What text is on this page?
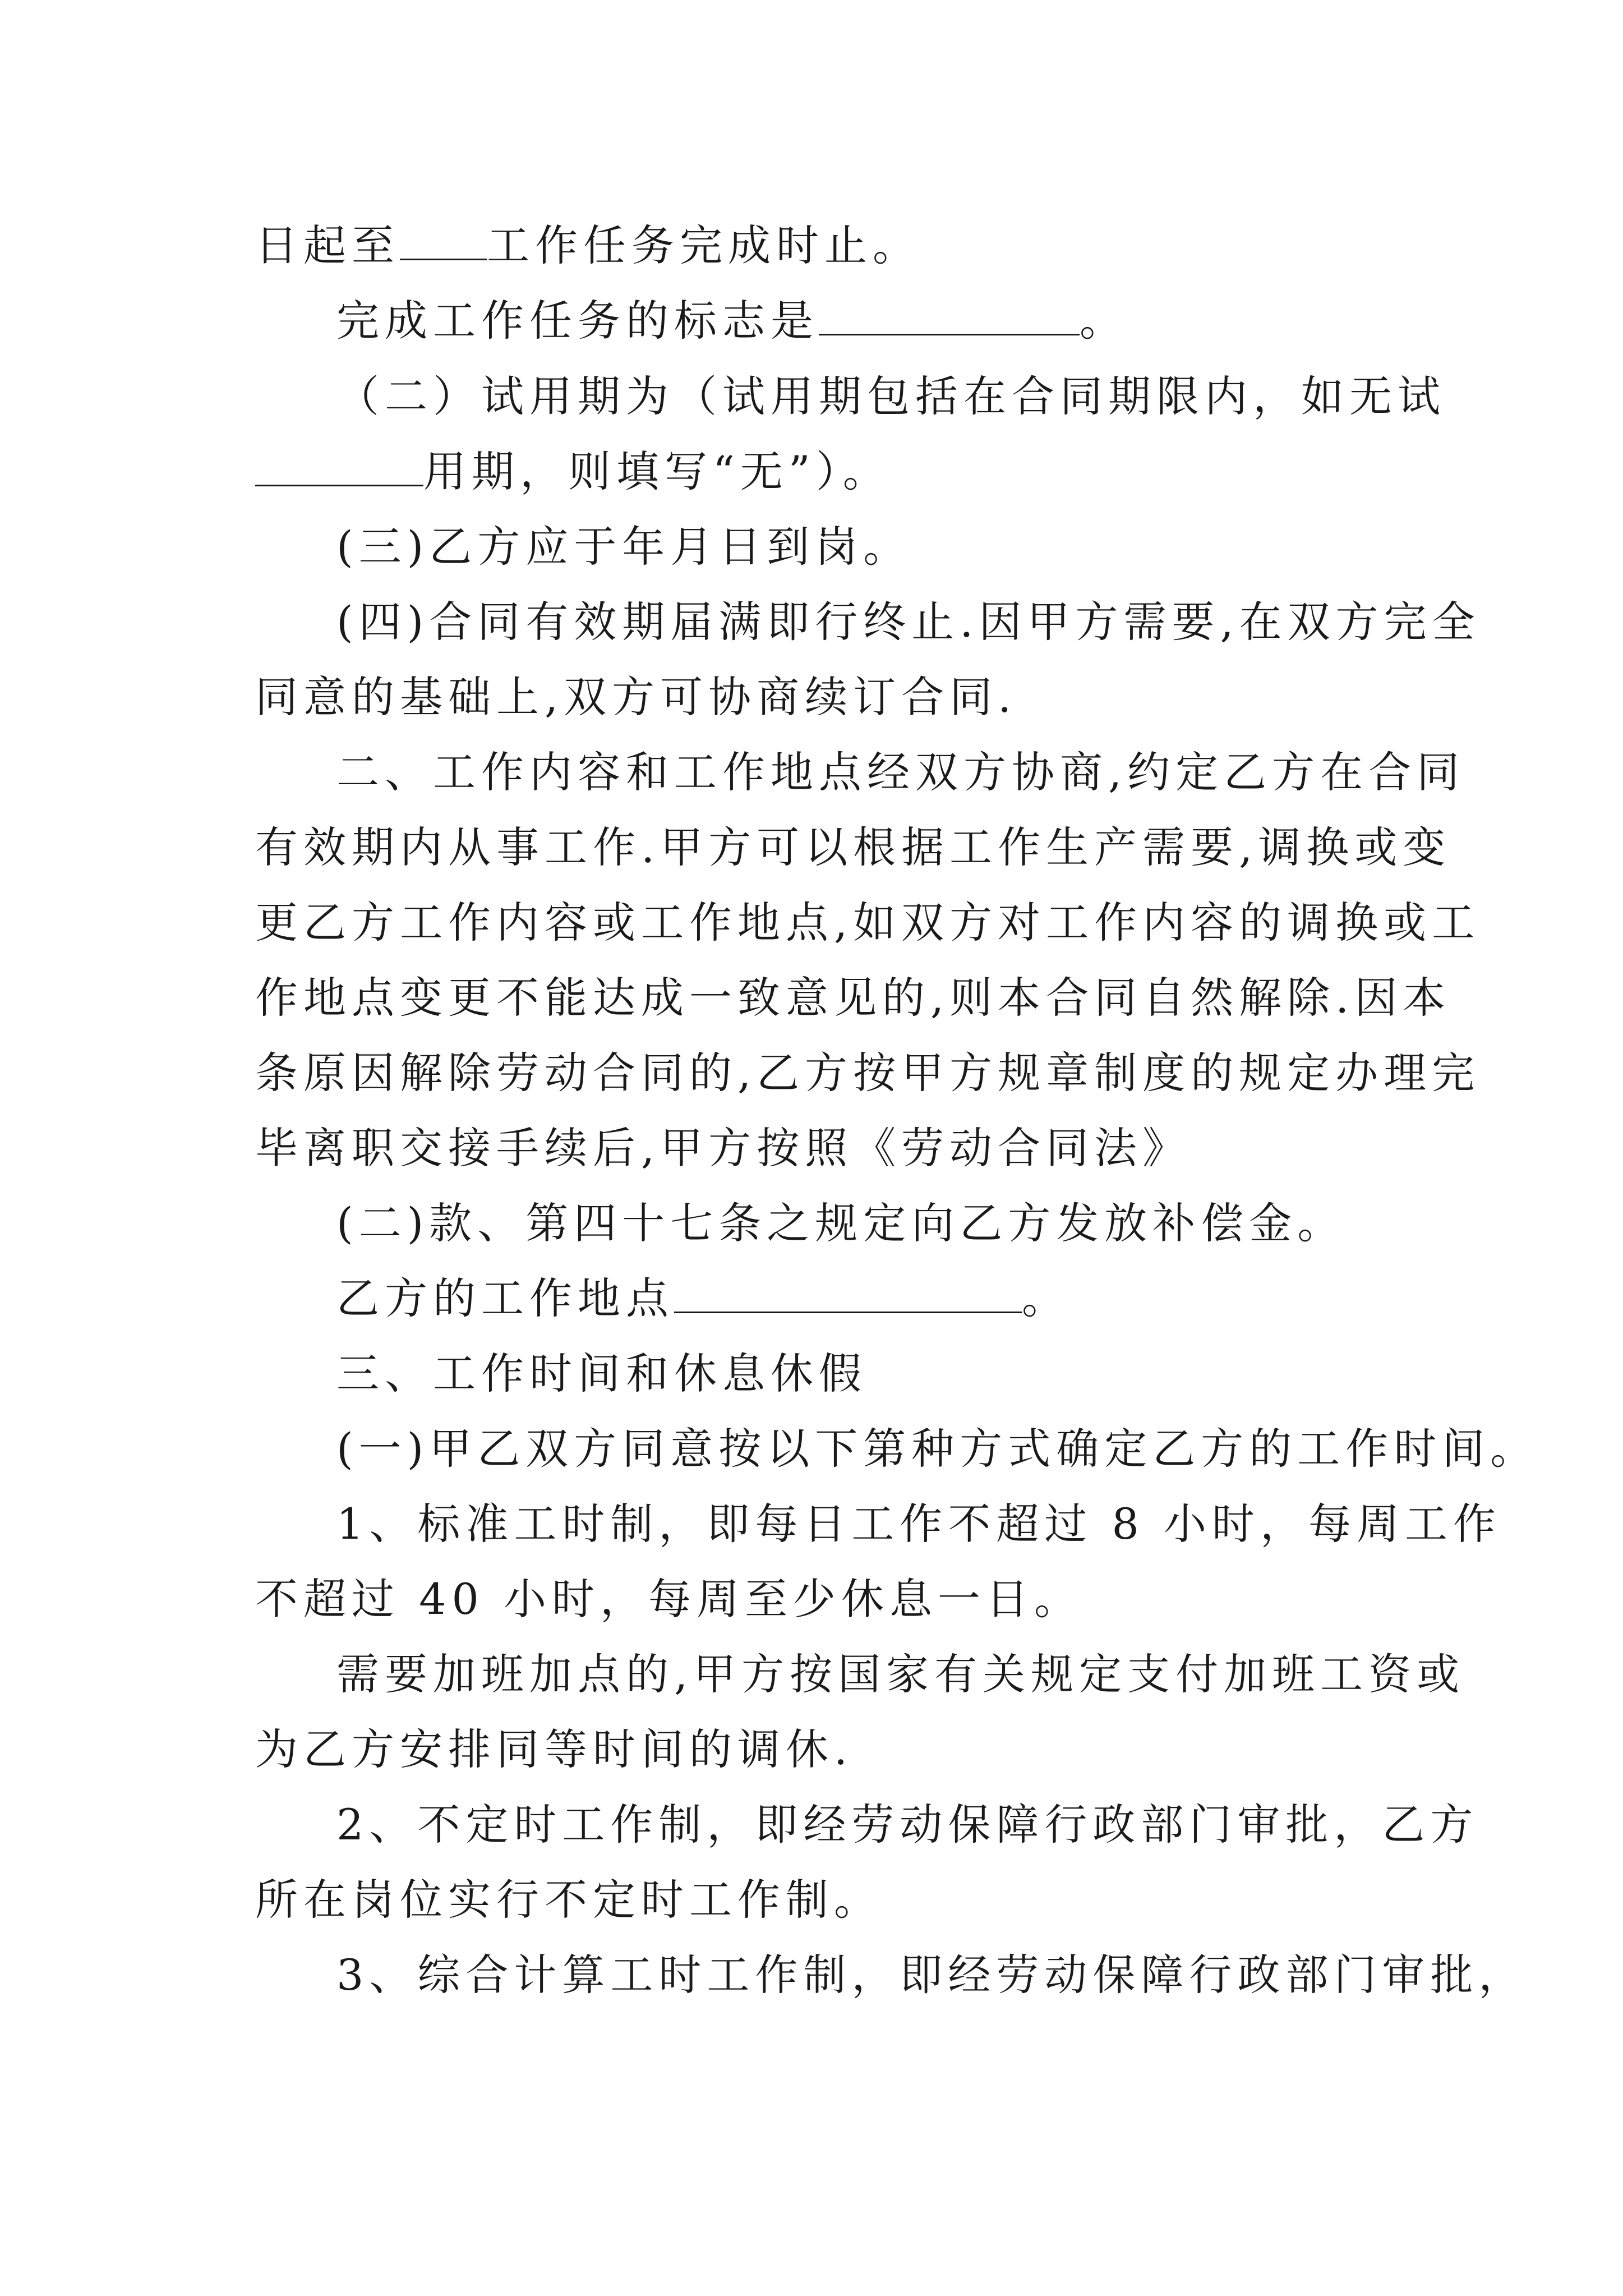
日起至 工作任务完成时止。
完成工作任务的标志是	。
（二）试用期为（试用期包括在合同期限内，如无试
用期，则填写“无”）。
(三)乙方应于年月日到岗。
(四)合同有效期届满即行终止.因甲方需要,在双方完全
同意的基础上,双方可协商续订合同.
二、工作内容和工作地点经双方协商,约定乙方在合同
有效期内从事工作.甲方可以根据工作生产需要,调换或变
更乙方工作内容或工作地点,如双方对工作内容的调换或工
作地点变更不能达成一致意见的,则本合同自然解除.因本
条原因解除劳动合同的,乙方按甲方规章制度的规定办理完
毕离职交接手续后,甲方按照《劳动合同法》
(二)款、第四十七条之规定向乙方发放补偿金。
乙方的工作地点	。
三、工作时间和休息休假
(一)甲乙双方同意按以下第种方式确定乙方的工作时间。
1、标准工时制，即每日工作不超过 8 小时，每周工作
不超过 40 小时，每周至少休息一日。
需要加班加点的,甲方按国家有关规定支付加班工资或
为乙方安排同等时间的调休.
2、不定时工作制，即经劳动保障行政部门审批，乙方
所在岗位实行不定时工作制。
3、综合计算工时工作制，即经劳动保障行政部门审批，
